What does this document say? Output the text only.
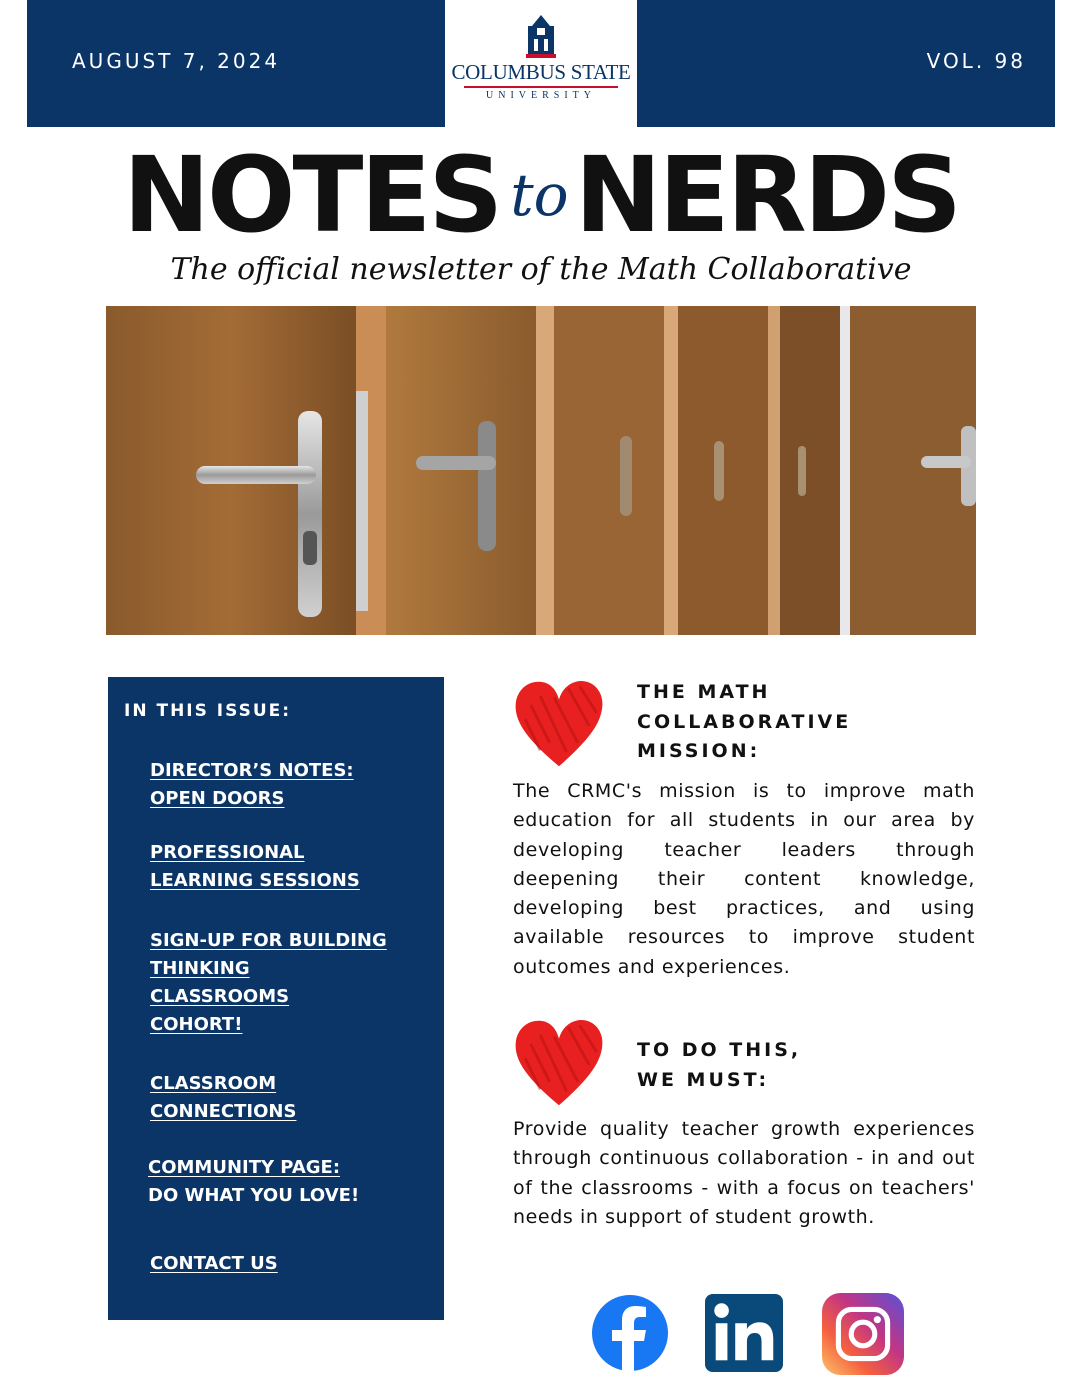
AUGUST 7, 2024	VOL. 98
COLUMBUS STATE
UNIVERSITY
NOTES toNERDS
The official newsletter of the Math Collaborative
IN THIS ISSUE:
DIRECTOR’S NOTES:
OPEN DOORS
PROFESSIONAL
LEARNING SESSIONS
SIGN-UP FOR BUILDING
THINKING
CLASSROOMS
COHORT!
CLASSROOM
CONNECTIONS
COMMUNITY PAGE:
DO WHAT YOU LOVE!
CONTACT US
THE MATH
COLLABORATIVE
MISSION:
The CRMC's mission is to improve math education for all students in our area by developing teacher leaders through deepening their content knowledge, developing best practices, and using available resources to improve student outcomes and experiences.
TO DO THIS,
WE MUST:
Provide quality teacher growth experiences through continuous collaboration - in and out of the classrooms - with a focus on teachers' needs in support of student growth.
